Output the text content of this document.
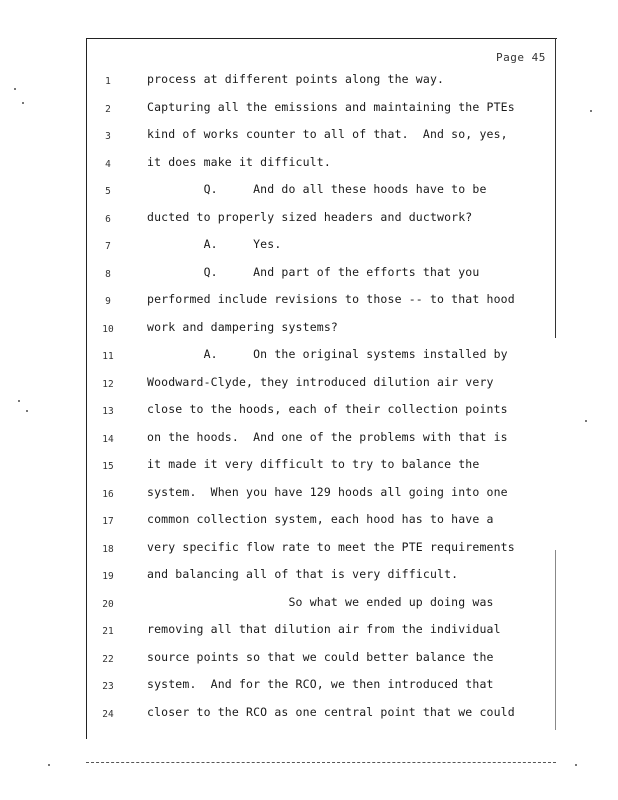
Page 45
1	process at different points along the way.
2	Capturing all the emissions and maintaining the PTEs
3	kind of works counter to all of that.  And so, yes,
4	it does make it difficult.
5	Q.     And do all these hoods have to be
6	ducted to properly sized headers and ductwork?
7	A.     Yes.
8	Q.     And part of the efforts that you
9	performed include revisions to those -- to that hood
10	work and dampering systems?
11	A.     On the original systems installed by
12	Woodward-Clyde, they introduced dilution air very
13	close to the hoods, each of their collection points
14	on the hoods.  And one of the problems with that is
15	it made it very difficult to try to balance the
16	system.  When you have 129 hoods all going into one
17	common collection system, each hood has to have a
18	very specific flow rate to meet the PTE requirements
19	and balancing all of that is very difficult.
20	So what we ended up doing was
21	removing all that dilution air from the individual
22	source points so that we could better balance the
23	system.  And for the RCO, we then introduced that
24	closer to the RCO as one central point that we could
